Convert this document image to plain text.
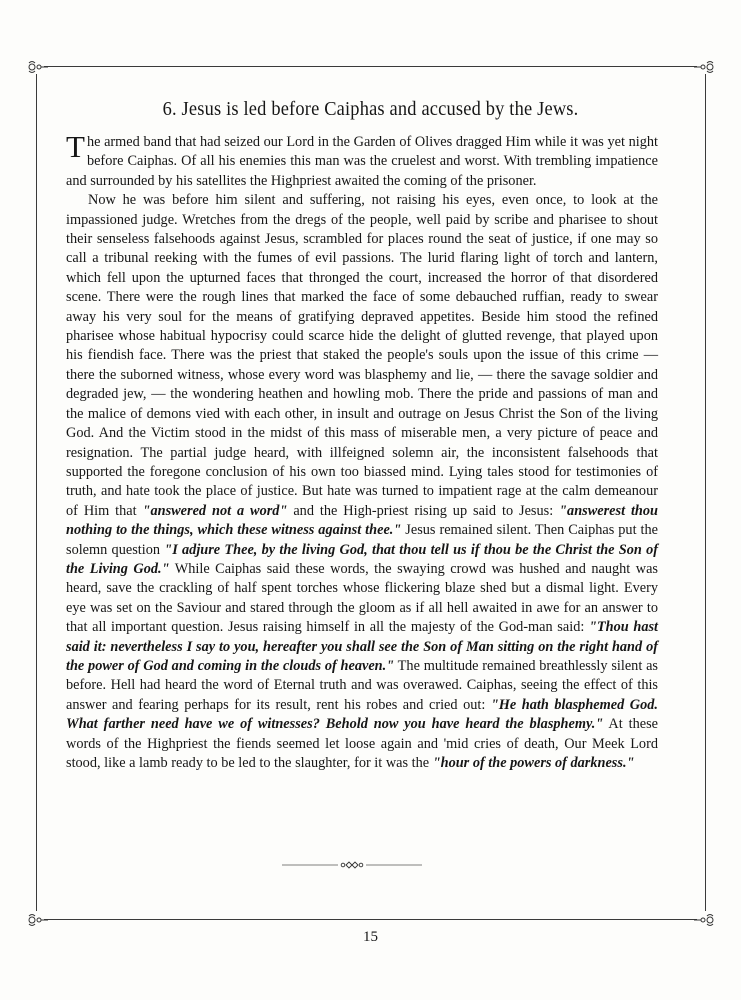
6. Jesus is led before Caiphas and accused by the Jews.

The armed band that had seized our Lord in the Garden of Olives dragged Him while it was yet night before Caiphas. Of all his enemies this man was the cruelest and worst. With trembling impatience and surrounded by his satellites the Highpriest awaited the coming of the prisoner.

Now he was before him silent and suffering, not raising his eyes, even once, to look at the impassioned judge. Wretches from the dregs of the people, well paid by scribe and pharisee to shout their senseless falsehoods against Jesus, scrambled for places round the seat of justice, if one may so call a tribunal reeking with the fumes of evil passions. The lurid flaring light of torch and lantern, which fell upon the upturned faces that thronged the court, increased the horror of that disordered scene. There were the rough lines that marked the face of some debauched ruffian, ready to swear away his very soul for the means of gratifying depraved appetites. Beside him stood the refined pharisee whose habitual hypocrisy could scarce hide the delight of glutted revenge, that played upon his fiendish face. There was the priest that staked the people's souls upon the issue of this crime — there the suborned witness, whose every word was blasphemy and lie, — there the savage soldier and degraded jew, — the wondering heathen and howling mob. There the pride and passions of man and the malice of demons vied with each other, in insult and outrage on Jesus Christ the Son of the living God. And the Victim stood in the midst of this mass of miserable men, a very picture of peace and resignation. The partial judge heard, with illfeigned solemn air, the inconsistent falsehoods that supported the foregone conclusion of his own too biassed mind. Lying tales stood for testimonies of truth, and hate took the place of justice. But hate was turned to impatient rage at the calm demeanour of Him that "answered not a word" and the High-priest rising up said to Jesus: "answerest thou nothing to the things, which these witness against thee." Jesus remained silent. Then Caiphas put the solemn question "I adjure Thee, by the living God, that thou tell us if thou be the Christ the Son of the Living God." While Caiphas said these words, the swaying crowd was hushed and naught was heard, save the crackling of half spent torches whose flickering blaze shed but a dismal light. Every eye was set on the Saviour and stared through the gloom as if all hell awaited in awe for an answer to that all important question. Jesus raising himself in all the majesty of the God-man said: "Thou hast said it: nevertheless I say to you, hereafter you shall see the Son of Man sitting on the right hand of the power of God and coming in the clouds of heaven." The multitude remained breathlessly silent as before. Hell had heard the word of Eternal truth and was overawed. Caiphas, seeing the effect of this answer and fearing perhaps for its result, rent his robes and cried out: "He hath blasphemed God. What farther need have we of witnesses? Behold now you have heard the blasphemy." At these words of the Highpriest the fiends seemed let loose again and 'mid cries of death, Our Meek Lord stood, like a lamb ready to be led to the slaughter, for it was the "hour of the powers of darkness."

15
